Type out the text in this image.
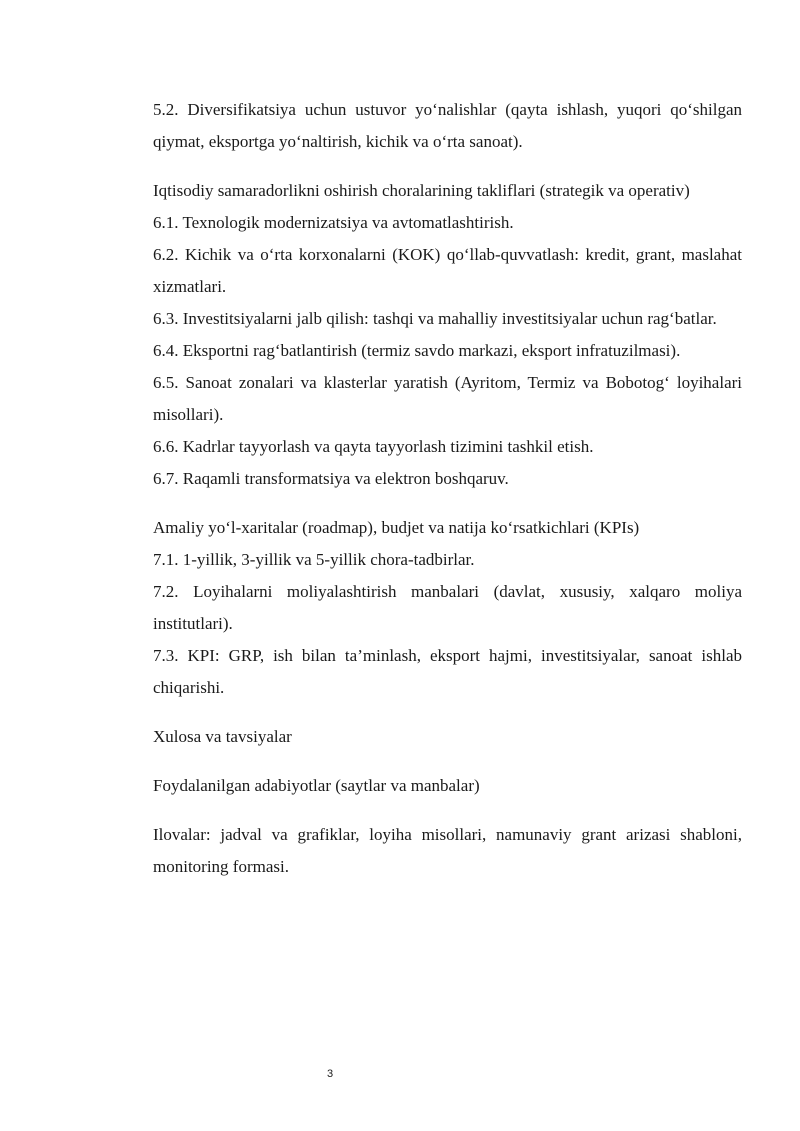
5.2. Diversifikatsiya uchun ustuvor yo‘nalishlar (qayta ishlash, yuqori qo‘shilgan qiymat, eksportga yo‘naltirish, kichik va o‘rta sanoat).

Iqtisodiy samaradorlikni oshirish choralarining takliflari (strategik va operativ)

6.1. Texnologik modernizatsiya va avtomatlashtirish.

6.2. Kichik va o‘rta korxonalarni (KOK) qo‘llab-quvvatlash: kredit, grant, maslahat xizmatlari.

6.3. Investitsiyalarni jalb qilish: tashqi va mahalliy investitsiyalar uchun rag‘batlar.

6.4. Eksportni rag‘batlantirish (termiz savdo markazi, eksport infratuzilmasi).

6.5. Sanoat zonalari va klasterlar yaratish (Ayritom, Termiz va Bobotog‘ loyihalari misollari).

6.6. Kadrlar tayyorlash va qayta tayyorlash tizimini tashkil etish.

6.7. Raqamli transformatsiya va elektron boshqaruv.

Amaliy yo‘l-xaritalar (roadmap), budjet va natija ko‘rsatkichlari (KPIs)

7.1. 1-yillik, 3-yillik va 5-yillik chora-tadbirlar.

7.2. Loyihalarni moliyalashtirish manbalari (davlat, xususiy, xalqaro moliya institutlari).

7.3. KPI: GRP, ish bilan ta’minlash, eksport hajmi, investitsiyalar, sanoat ishlab chiqarishi.

Xulosa va tavsiyalar

Foydalanilgan adabiyotlar (saytlar va manbalar)

Ilovalar: jadval va grafiklar, loyiha misollari, namunaviy grant arizasi shabloni, monitoring formasi.

3
